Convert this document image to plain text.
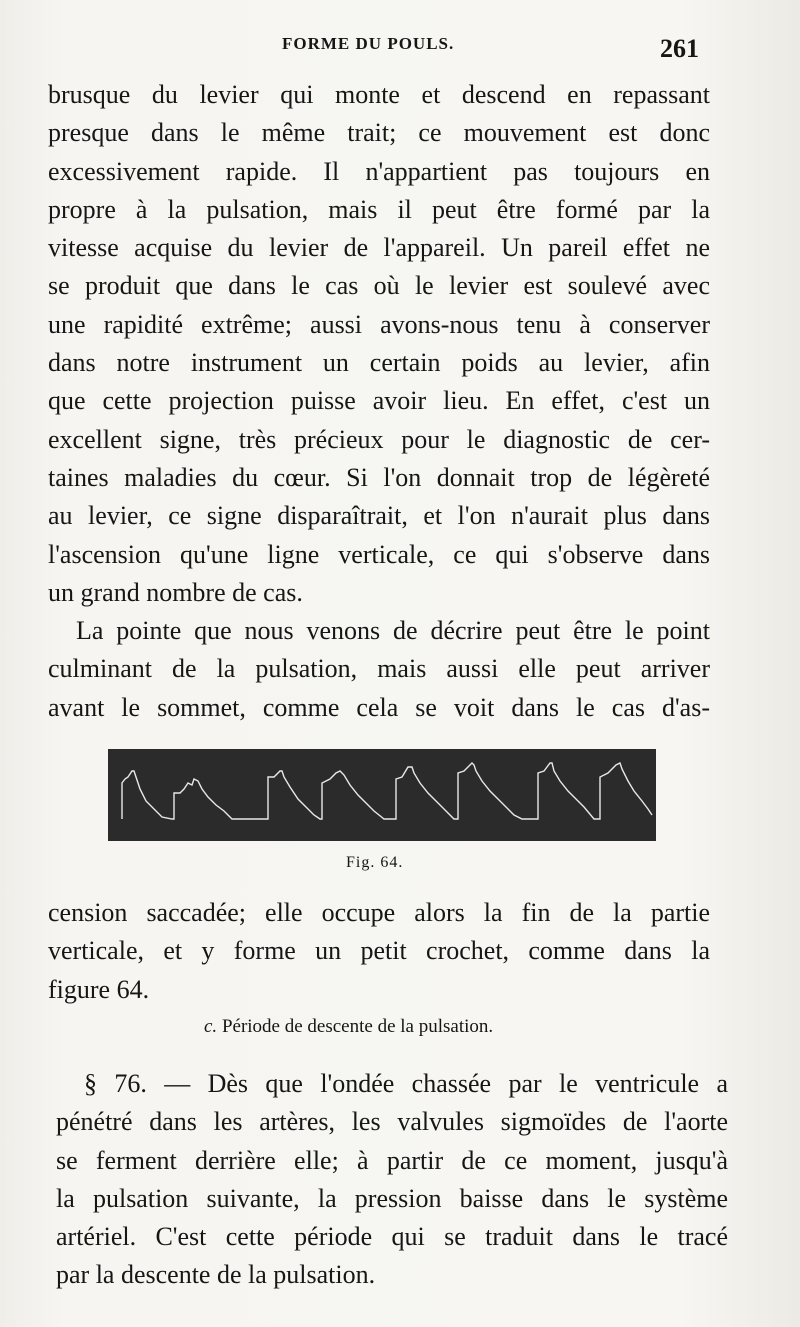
FORME DU POULS.	261
brusque du levier qui monte et descend en repassant
presque dans le même trait; ce mouvement est donc
excessivement rapide. Il n'appartient pas toujours en
propre à la pulsation, mais il peut être formé par la
vitesse acquise du levier de l'appareil. Un pareil effet ne
se produit que dans le cas où le levier est soulevé avec
une rapidité extrême; aussi avons-nous tenu à conserver
dans notre instrument un certain poids au levier, afin
que cette projection puisse avoir lieu. En effet, c'est un
excellent signe, très précieux pour le diagnostic de cer-
taines maladies du cœur. Si l'on donnait trop de légèreté
au levier, ce signe disparaîtrait, et l'on n'aurait plus dans
l'ascension qu'une ligne verticale, ce qui s'observe dans
un grand nombre de cas.
La pointe que nous venons de décrire peut être le point
culminant de la pulsation, mais aussi elle peut arriver
avant le sommet, comme cela se voit dans le cas d'as-
Fig. 64.
cension saccadée; elle occupe alors la fin de la partie
verticale, et y forme un petit crochet, comme dans la
figure 64.
c. Période de descente de la pulsation.
§ 76. — Dès que l'ondée chassée par le ventricule a
pénétré dans les artères, les valvules sigmoïdes de l'aorte
se ferment derrière elle; à partir de ce moment, jusqu'à
la pulsation suivante, la pression baisse dans le système
artériel. C'est cette période qui se traduit dans le tracé
par la descente de la pulsation.
